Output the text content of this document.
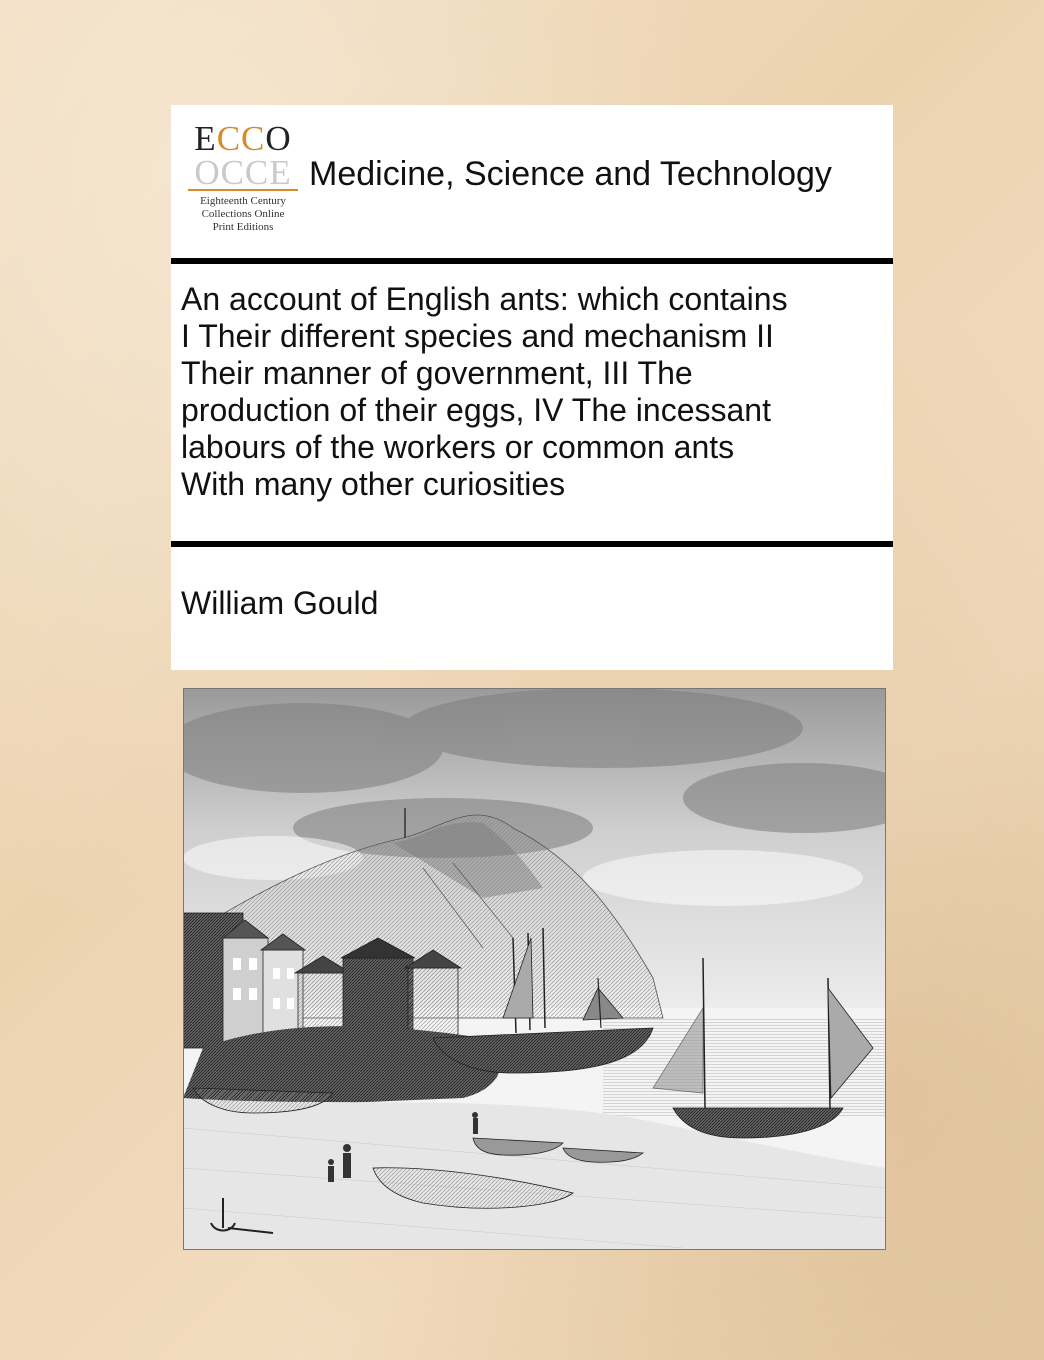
ECCO
OCCE
Eighteenth Century
Collections Online
Print Editions
Medicine, Science and Technology
An account of English ants: which contains
I Their different species and mechanism II
Their manner of government, III The
production of their eggs, IV The incessant
labours of the workers or common ants
With many other curiosities
William Gould
